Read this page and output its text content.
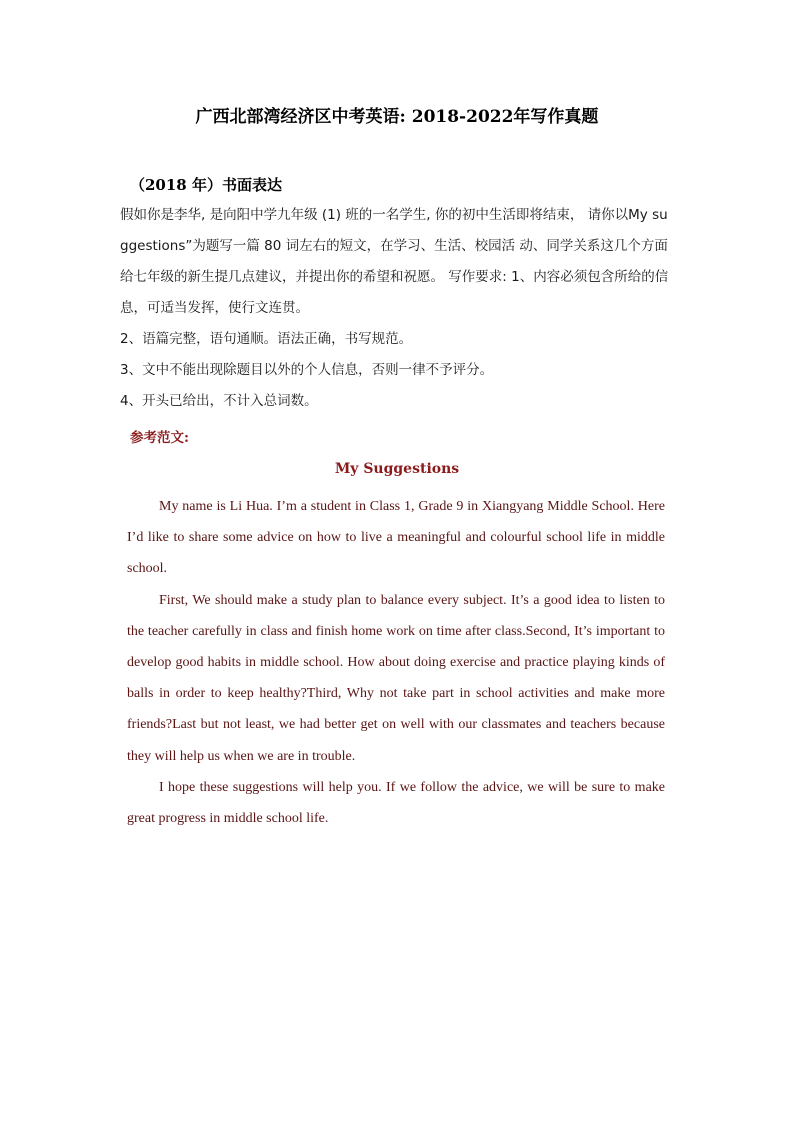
广西北部湾经济区中考英语: 2018-2022年写作真题
（2018 年）书面表达

假如你是李华, 是向阳中学九年级 (1) 班的一名学生, 你的初中生活即将结束， 请你以My suggestions”为题写一篇 80 词左右的短文，在学习、生活、校园活 动、同学关系这几个方面给七年级的新生提几点建议，并提出你的希望和祝愿。 写作要求: 1、内容必须包含所给的信息，可适当发挥，使行文连贯。

2、语篇完整，语句通顺。语法正确，书写规范。

3、文中不能出现除题目以外的个人信息，否则一律不予评分。

4、开头已给出，不计入总词数。

参考范文:
My Suggestions

My name is Li Hua. I’m a student in Class 1, Grade 9 in Xiangyang Middle School. Here I’d like to share some advice on how to live a meaningful and colourful school life in middle school.

First, We should make a study plan to balance every subject. It’s a good idea to listen to the teacher carefully in class and finish home work on time after class.Second, It’s important to develop good habits in middle school. How about doing exercise and practice playing kinds of balls in order to keep healthy?Third, Why not take part in school activities and make more friends?Last but not least, we had better get on well with our classmates and teachers because they will help us when we are in trouble.

I hope these suggestions will help you. If we follow the advice, we will be sure to make great progress in middle school life.
